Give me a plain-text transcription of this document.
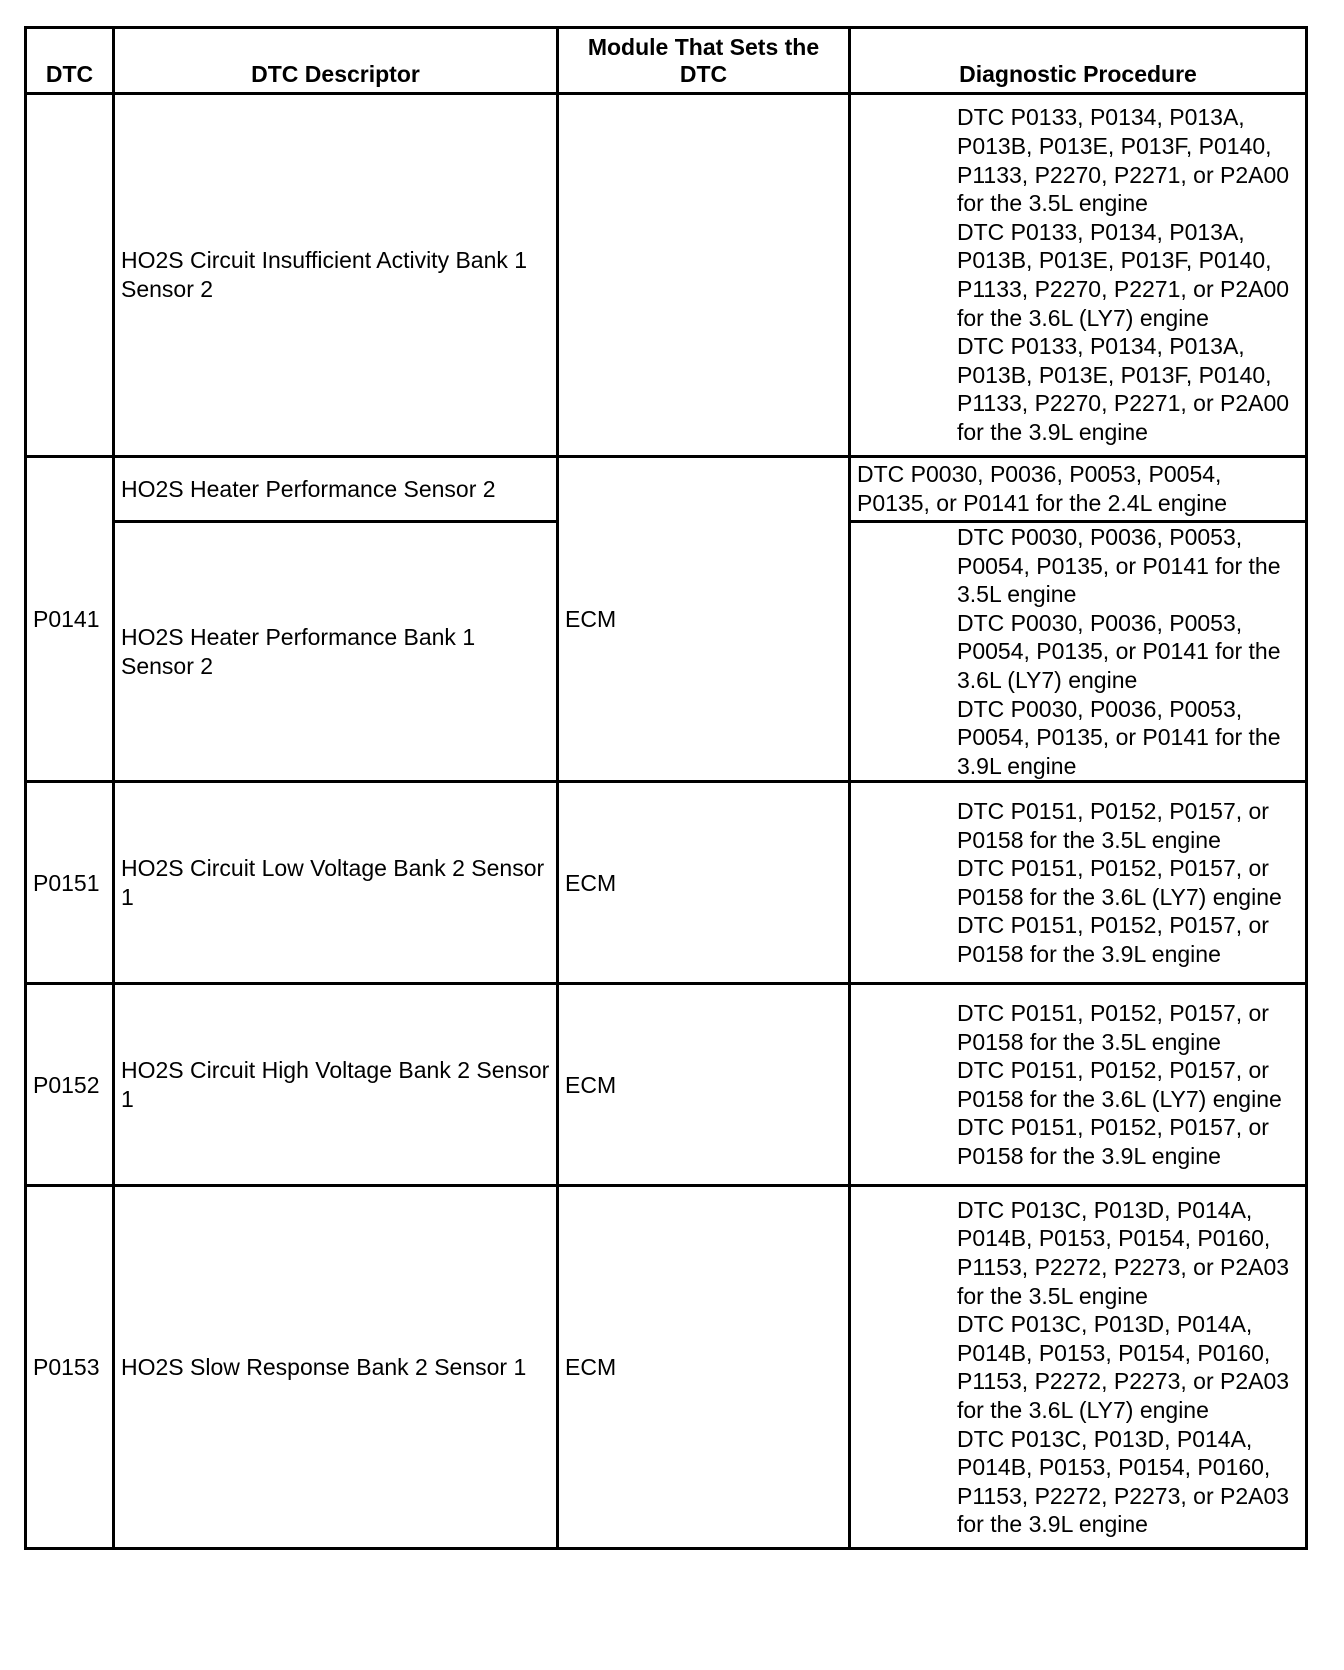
DTC	DTC Descriptor	Module That Sets the DTC	Diagnostic Procedure
	HO2S Circuit Insufficient Activity Bank 1 Sensor 2		DTC P0133, P0134, P013A, P013B, P013E, P013F, P0140, P1133, P2270, P2271, or P2A00 for the 3.5L engine
DTC P0133, P0134, P013A, P013B, P013E, P013F, P0140, P1133, P2270, P2271, or P2A00 for the 3.6L (LY7) engine
DTC P0133, P0134, P013A, P013B, P013E, P013F, P0140, P1133, P2270, P2271, or P2A00 for the 3.9L engine

P0141	HO2S Heater Performance Sensor 2	ECM	DTC P0030, P0036, P0053, P0054, P0135, or P0141 for the 2.4L engine

	HO2S Heater Performance Bank 1 Sensor 2		DTC P0030, P0036, P0053, P0054, P0135, or P0141 for the 3.5L engine
DTC P0030, P0036, P0053, P0054, P0135, or P0141 for the 3.6L (LY7) engine
DTC P0030, P0036, P0053, P0054, P0135, or P0141 for the 3.9L engine

P0151	HO2S Circuit Low Voltage Bank 2 Sensor 1	ECM	DTC P0151, P0152, P0157, or P0158 for the 3.5L engine
DTC P0151, P0152, P0157, or P0158 for the 3.6L (LY7) engine
DTC P0151, P0152, P0157, or P0158 for the 3.9L engine

P0152	HO2S Circuit High Voltage Bank 2 Sensor 1	ECM	DTC P0151, P0152, P0157, or P0158 for the 3.5L engine
DTC P0151, P0152, P0157, or P0158 for the 3.6L (LY7) engine
DTC P0151, P0152, P0157, or P0158 for the 3.9L engine

P0153	HO2S Slow Response Bank 2 Sensor 1	ECM	DTC P013C, P013D, P014A, P014B, P0153, P0154, P0160, P1153, P2272, P2273, or P2A03 for the 3.5L engine
DTC P013C, P013D, P014A, P014B, P0153, P0154, P0160, P1153, P2272, P2273, or P2A03 for the 3.6L (LY7) engine
DTC P013C, P013D, P014A, P014B, P0153, P0154, P0160, P1153, P2272, P2273, or P2A03 for the 3.9L engine
